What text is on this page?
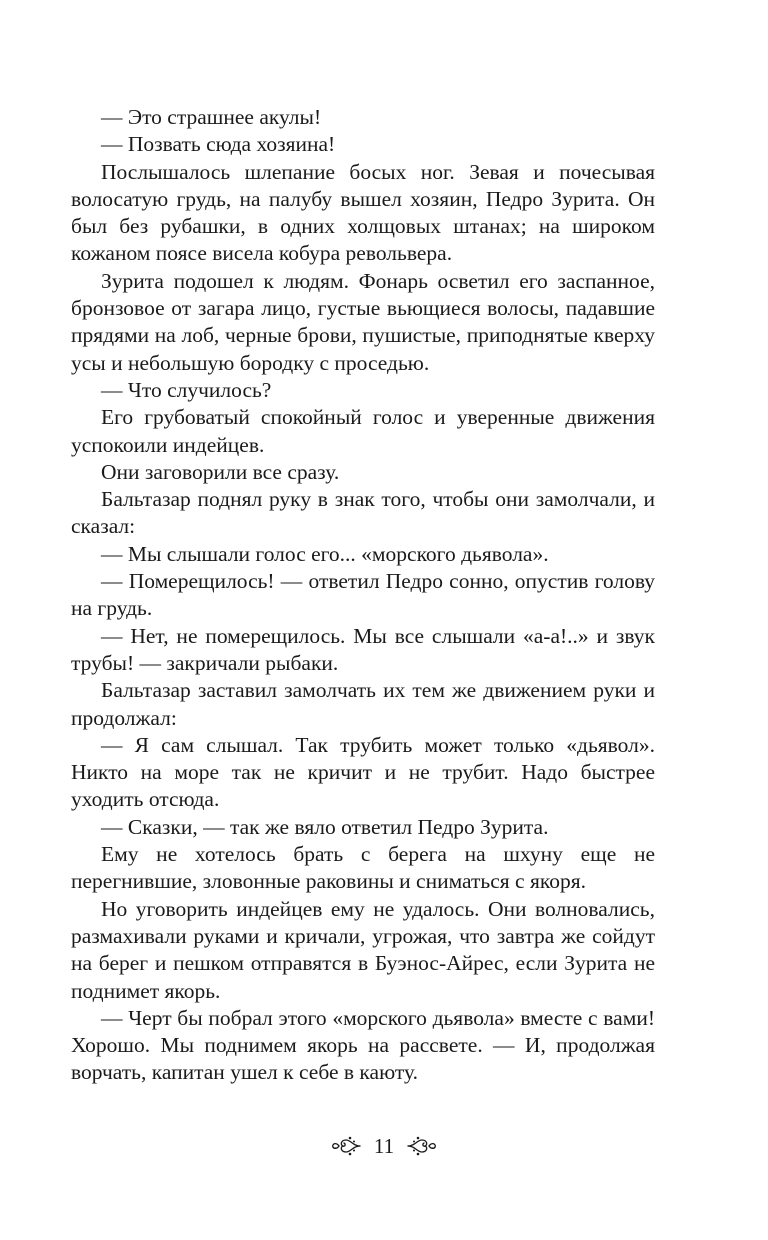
— Это страшнее акулы!

— Позвать сюда хозяина!

Послышалось шлепание босых ног. Зевая и почесывая волосатую грудь, на палубу вышел хозяин, Педро Зурита. Он был без рубашки, в одних холщовых штанах; на широком кожаном поясе висела кобура револьвера.

Зурита подошел к людям. Фонарь осветил его заспанное, бронзовое от загара лицо, густые вьющиеся волосы, падавшие прядями на лоб, черные брови, пушистые, приподнятые кверху усы и небольшую бородку с проседью.

— Что случилось?

Его грубоватый спокойный голос и уверенные движения успокоили индейцев.

Они заговорили все сразу.

Бальтазар поднял руку в знак того, чтобы они замолчали, и сказал:

— Мы слышали голос его... «морского дьявола».

— Померещилось! — ответил Педро сонно, опустив голову на грудь.

— Нет, не померещилось. Мы все слышали «а-а!..» и звук трубы! — закричали рыбаки.

Бальтазар заставил замолчать их тем же движением руки и продолжал:

— Я сам слышал. Так трубить может только «дьявол». Никто на море так не кричит и не трубит. Надо быстрее уходить отсюда.

— Сказки, — так же вяло ответил Педро Зурита.

Ему не хотелось брать с берега на шхуну еще не перегнившие, зловонные раковины и сниматься с якоря.

Но уговорить индейцев ему не удалось. Они волновались, размахивали руками и кричали, угрожая, что завтра же сойдут на берег и пешком отправятся в Буэнос-Айрес, если Зурита не поднимет якорь.

— Черт бы побрал этого «морского дьявола» вместе с вами! Хорошо. Мы поднимем якорь на рассвете. — И, продолжая ворчать, капитан ушел к себе в каюту.

11
